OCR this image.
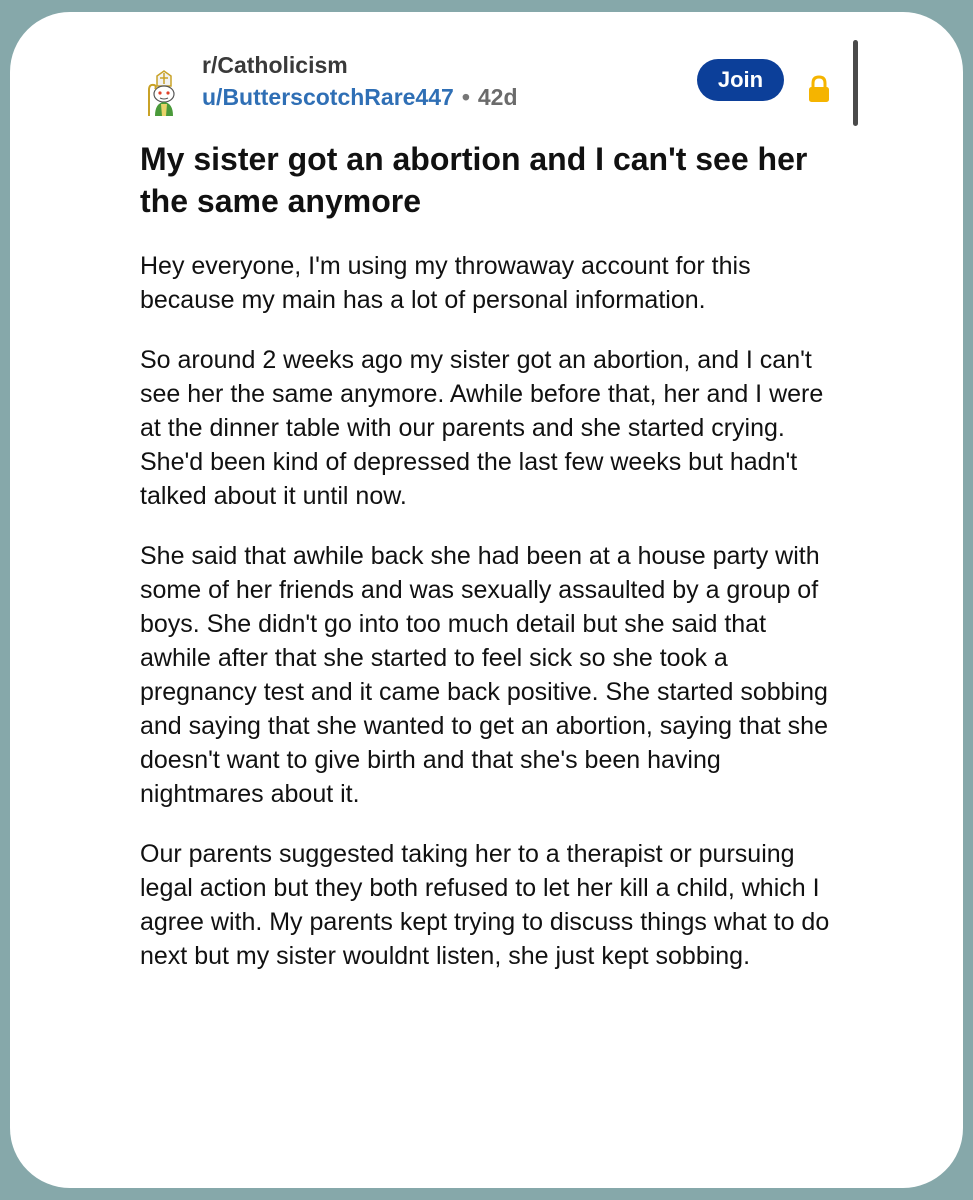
r/Catholicism
u/ButterscotchRare447 • 42d
Join
My sister got an abortion and I can't see her the same anymore

Hey everyone, I'm using my throwaway account for this because my main has a lot of personal information.

So around 2 weeks ago my sister got an abortion, and I can't see her the same anymore. Awhile before that, her and I were at the dinner table with our parents and she started crying. She'd been kind of depressed the last few weeks but hadn't talked about it until now.

She said that awhile back she had been at a house party with some of her friends and was sexually assaulted by a group of boys. She didn't go into too much detail but she said that awhile after that she started to feel sick so she took a pregnancy test and it came back positive. She started sobbing and saying that she wanted to get an abortion, saying that she doesn't want to give birth and that she's been having nightmares about it.

Our parents suggested taking her to a therapist or pursuing legal action but they both refused to let her kill a child, which I agree with. My parents kept trying to discuss things what to do next but my sister wouldnt listen, she just kept sobbing.
